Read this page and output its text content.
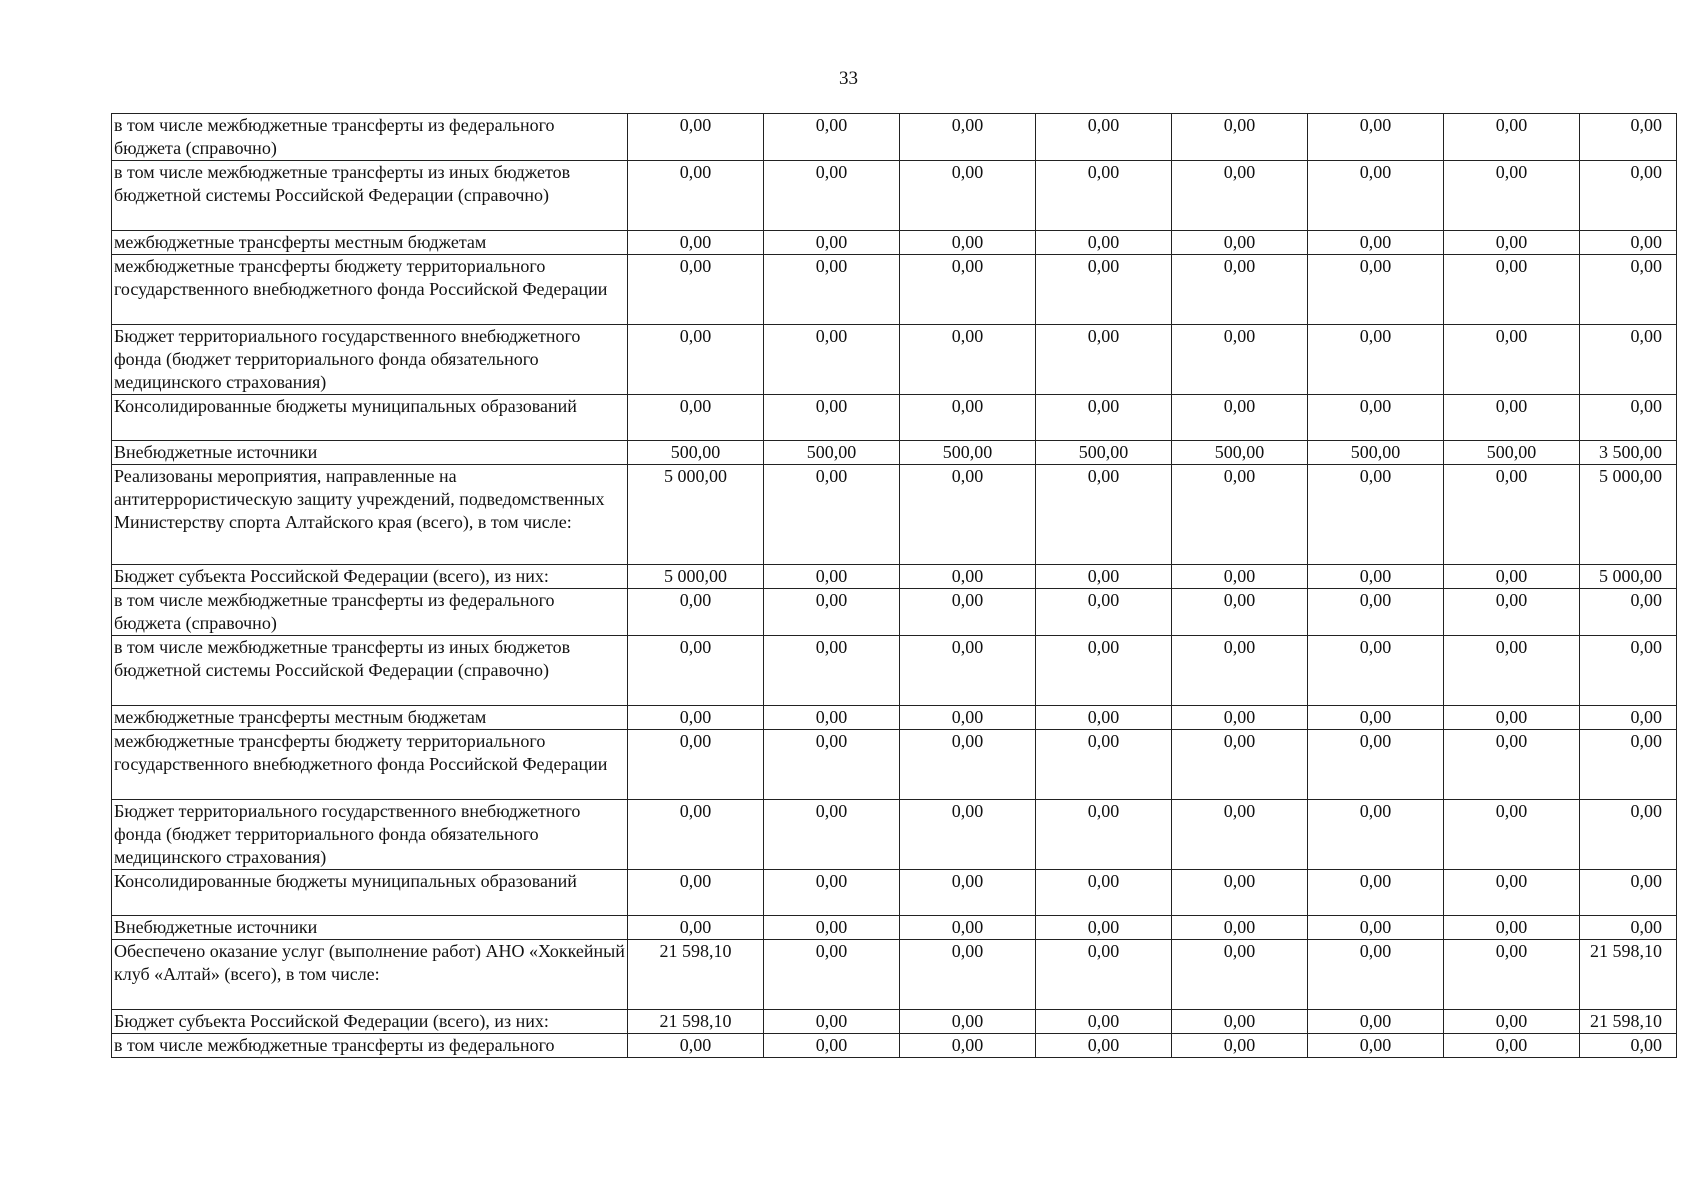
33
в том числе межбюджетные трансферты из федерального бюджета (справочно)	0,00	0,00	0,00	0,00	0,00	0,00	0,00	0,00
в том числе межбюджетные трансферты из иных бюджетов бюджетной системы Российской Федерации (справочно)	0,00	0,00	0,00	0,00	0,00	0,00	0,00	0,00
межбюджетные трансферты местным бюджетам	0,00	0,00	0,00	0,00	0,00	0,00	0,00	0,00
межбюджетные трансферты бюджету территориального государственного внебюджетного фонда Российской Федерации	0,00	0,00	0,00	0,00	0,00	0,00	0,00	0,00
Бюджет территориального государственного внебюджетного фонда (бюджет территориального фонда обязательного медицинского страхования)	0,00	0,00	0,00	0,00	0,00	0,00	0,00	0,00
Консолидированные бюджеты муниципальных образований	0,00	0,00	0,00	0,00	0,00	0,00	0,00	0,00
Внебюджетные источники	500,00	500,00	500,00	500,00	500,00	500,00	500,00	3 500,00
Реализованы мероприятия, направленные на антитеррористическую защиту учреждений, подведомственных Министерству спорта Алтайского края (всего), в том числе:	5 000,00	0,00	0,00	0,00	0,00	0,00	0,00	5 000,00
Бюджет субъекта Российской Федерации (всего), из них:	5 000,00	0,00	0,00	0,00	0,00	0,00	0,00	5 000,00
в том числе межбюджетные трансферты из федерального бюджета (справочно)	0,00	0,00	0,00	0,00	0,00	0,00	0,00	0,00
в том числе межбюджетные трансферты из иных бюджетов бюджетной системы Российской Федерации (справочно)	0,00	0,00	0,00	0,00	0,00	0,00	0,00	0,00
межбюджетные трансферты местным бюджетам	0,00	0,00	0,00	0,00	0,00	0,00	0,00	0,00
межбюджетные трансферты бюджету территориального государственного внебюджетного фонда Российской Федерации	0,00	0,00	0,00	0,00	0,00	0,00	0,00	0,00
Бюджет территориального государственного внебюджетного фонда (бюджет территориального фонда обязательного медицинского страхования)	0,00	0,00	0,00	0,00	0,00	0,00	0,00	0,00
Консолидированные бюджеты муниципальных образований	0,00	0,00	0,00	0,00	0,00	0,00	0,00	0,00
Внебюджетные источники	0,00	0,00	0,00	0,00	0,00	0,00	0,00	0,00
Обеспечено оказание услуг (выполнение работ) АНО «Хоккейный клуб «Алтай» (всего), в том числе:	21 598,10	0,00	0,00	0,00	0,00	0,00	0,00	21 598,10
Бюджет субъекта Российской Федерации (всего), из них:	21 598,10	0,00	0,00	0,00	0,00	0,00	0,00	21 598,10
в том числе межбюджетные трансферты из федерального	0,00	0,00	0,00	0,00	0,00	0,00	0,00	0,00
